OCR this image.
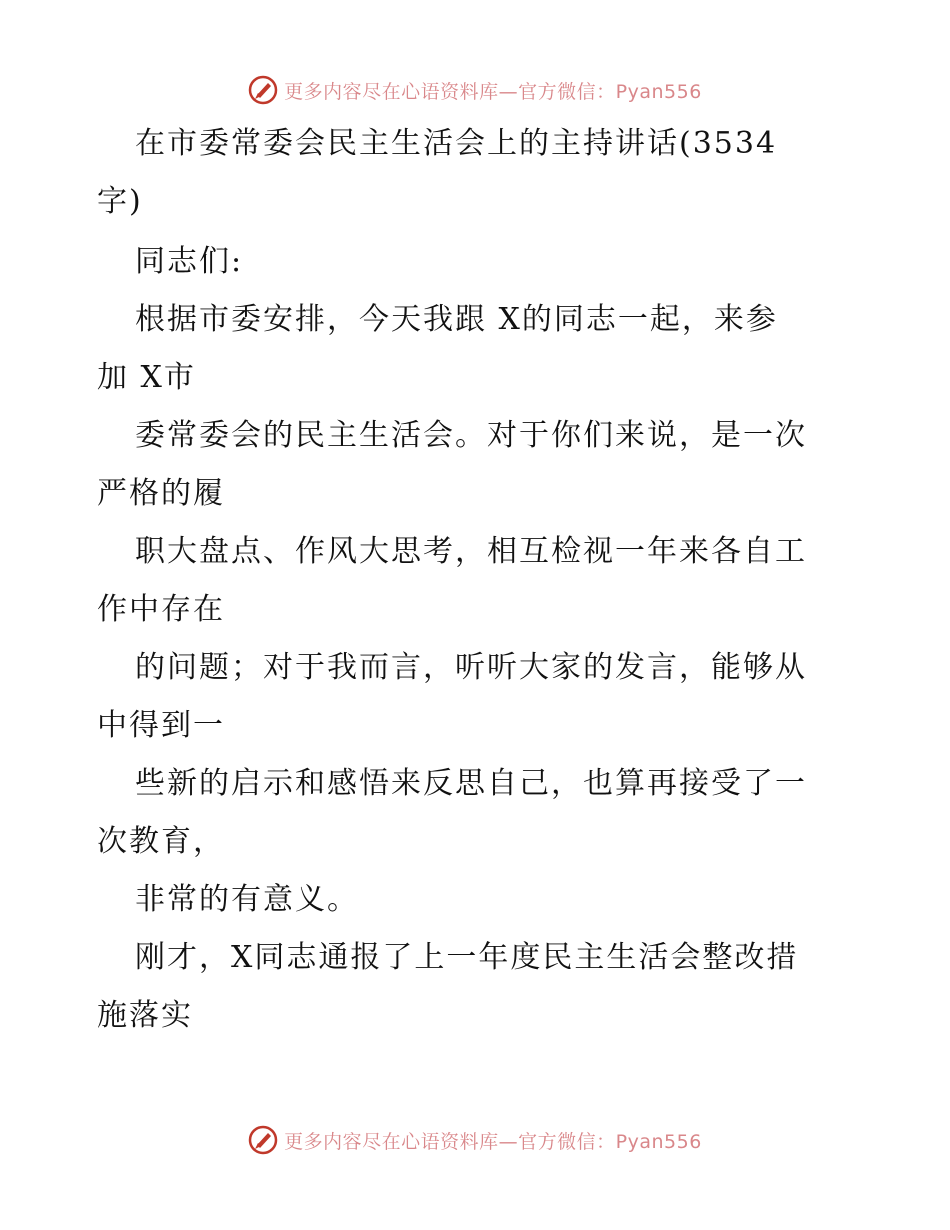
更多内容尽在心语资料库—官方微信：Pyan556
在市委常委会民主生活会上的主持讲话(3534
字)
同志们:
根据市委安排，今天我跟 X的同志一起，来参
加 X市
委常委会的民主生活会。对于你们来说，是一次
严格的履
职大盘点、作风大思考，相互检视一年来各自工
作中存在
的问题；对于我而言，听听大家的发言，能够从
中得到一
些新的启示和感悟来反思自己，也算再接受了一
次教育，
非常的有意义。
刚才，X同志通报了上一年度民主生活会整改措
施落实
更多内容尽在心语资料库—官方微信：Pyan556
